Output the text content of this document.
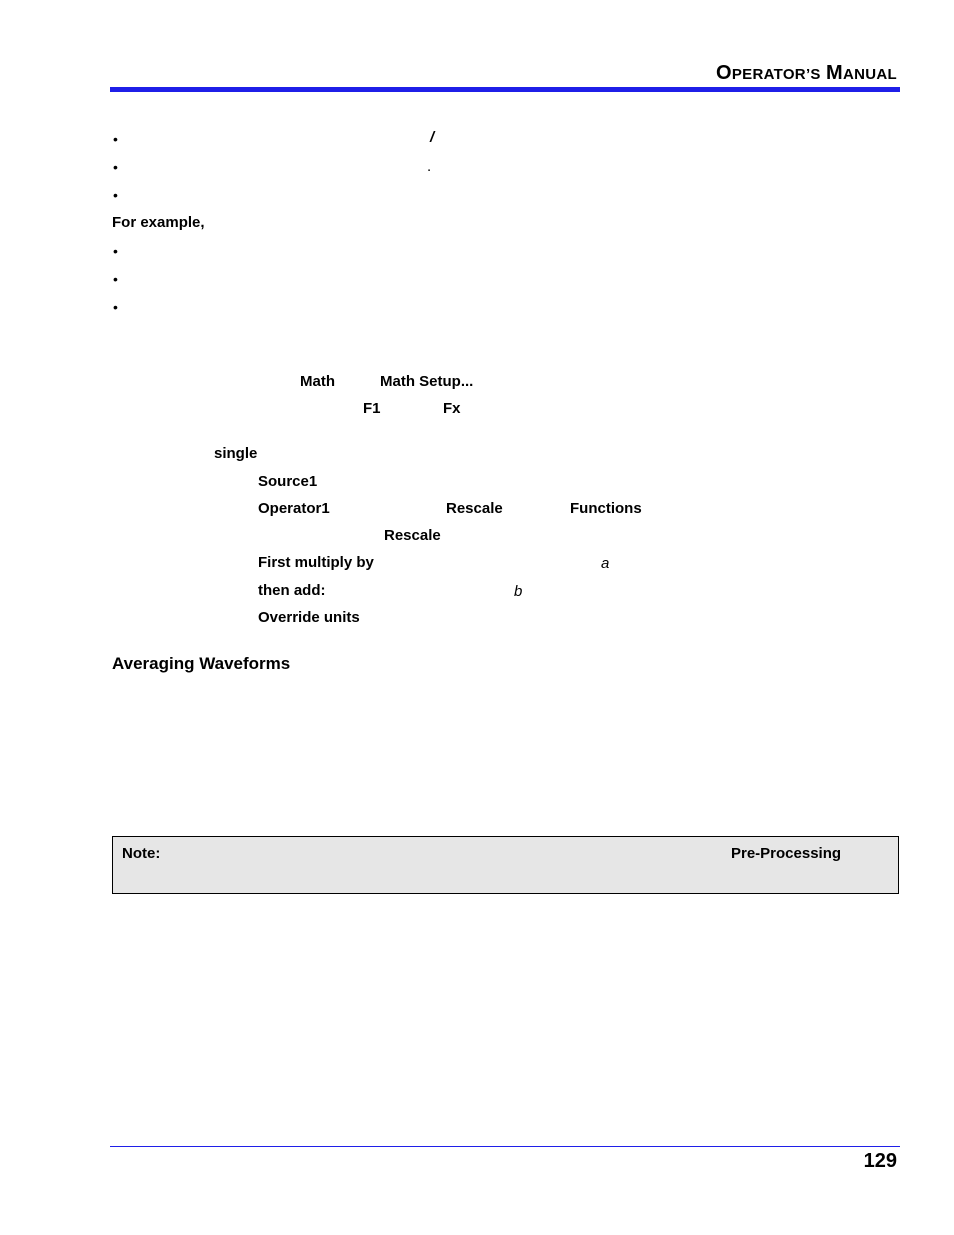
OPERATOR’S MANUAL
•
•
•
/
.
For example,
•
•
•
Math	Math Setup...
F1	Fx
single
Source1
Operator1	Rescale	Functions
Rescale
First multiply by	a
then add:	b
Override units
Averaging Waveforms
Note:	Pre-Processing
129
